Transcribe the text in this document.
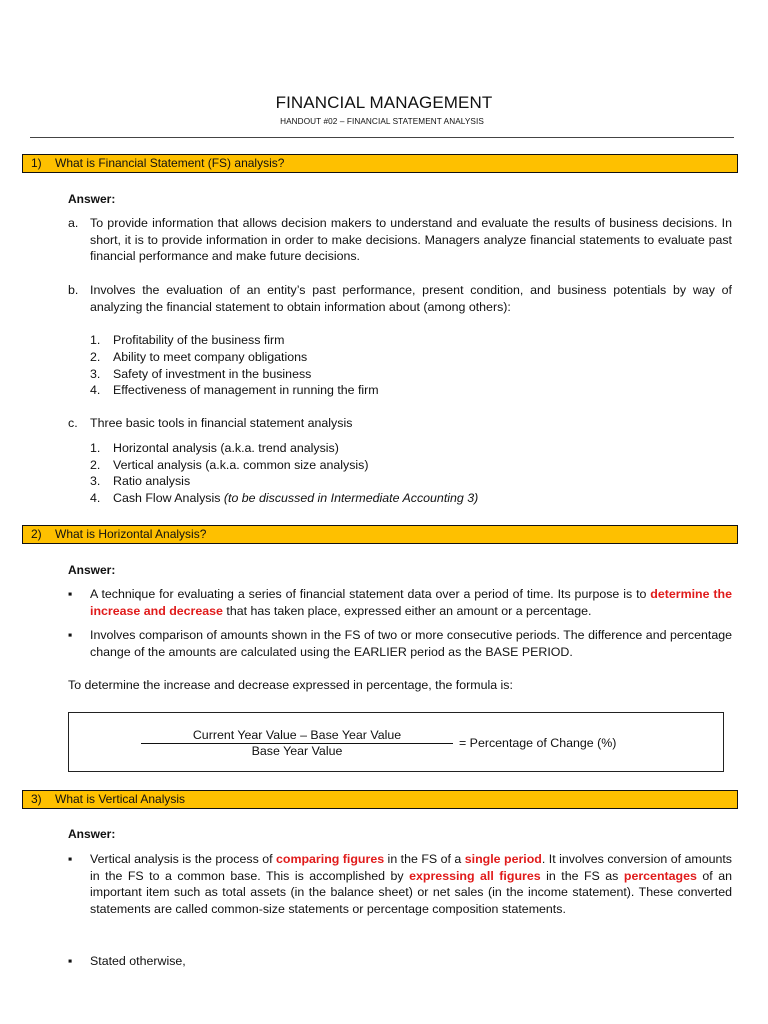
FINANCIAL MANAGEMENT
HANDOUT #02 – FINANCIAL STATEMENT ANALYSIS
1) What is Financial Statement (FS) analysis?
Answer:
a. To provide information that allows decision makers to understand and evaluate the results of business decisions. In short, it is to provide information in order to make decisions. Managers analyze financial statements to evaluate past financial performance and make future decisions.
b. Involves the evaluation of an entity’s past performance, present condition, and business potentials by way of analyzing the financial statement to obtain information about (among others):
1. Profitability of the business firm
2. Ability to meet company obligations
3. Safety of investment in the business
4. Effectiveness of management in running the firm
c. Three basic tools in financial statement analysis
1. Horizontal analysis (a.k.a. trend analysis)
2. Vertical analysis (a.k.a. common size analysis)
3. Ratio analysis
4. Cash Flow Analysis (to be discussed in Intermediate Accounting 3)
2) What is Horizontal Analysis?
Answer:
▪ A technique for evaluating a series of financial statement data over a period of time. Its purpose is to determine the increase and decrease that has taken place, expressed either an amount or a percentage.
▪ Involves comparison of amounts shown in the FS of two or more consecutive periods. The difference and percentage change of the amounts are calculated using the EARLIER period as the BASE PERIOD.
To determine the increase and decrease expressed in percentage, the formula is:
Current Year Value – Base Year Value
Base Year Value
= Percentage of Change (%)
3) What is Vertical Analysis
Answer:
▪ Vertical analysis is the process of comparing figures in the FS of a single period. It involves conversion of amounts in the FS to a common base. This is accomplished by expressing all figures in the FS as percentages of an important item such as total assets (in the balance sheet) or net sales (in the income statement). These converted statements are called common-size statements or percentage composition statements.
▪ Stated otherwise,
